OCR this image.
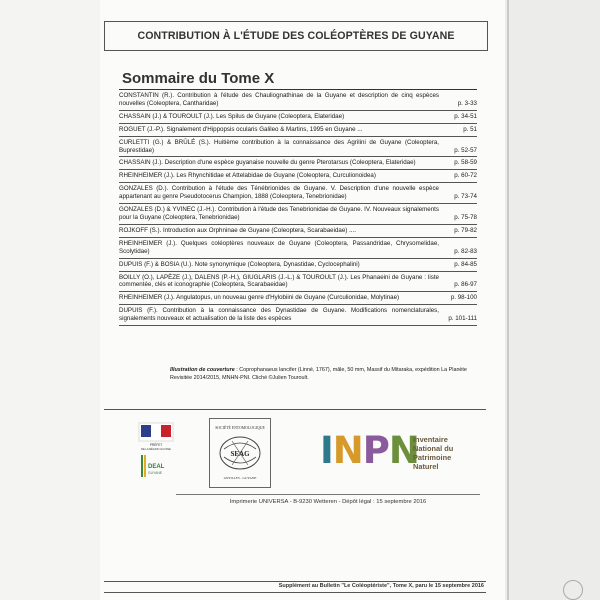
CONTRIBUTION À L'ÉTUDE DES COLÉOPTÈRES DE GUYANE
Sommaire du Tome X
CONSTANTIN (R.). Contribution à l'étude des Chauliognathinae de la Guyane et description de cinq espèces nouvelles (Coleoptera, Cantharidae)	p. 3-33
CHASSAIN (J.) & TOUROULT (J.). Les Spilus de Guyane (Coleoptera, Elateridae)	p. 34-51
ROGUET (J.-P.). Signalement d'Hippopsis ocularis Galileo & Martins, 1995 en Guyane ...	p. 51
CURLETTI (G.) & BRÛLÉ (S.). Huitième contribution à la connaissance des Agrilini de Guyane (Coleoptera, Buprestidae)	p. 52-57
CHASSAIN (J.). Description d'une espèce guyanaise nouvelle du genre Pterotarsus (Coleoptera, Elateridae)	p. 58-59
RHEINHEIMER (J.). Les Rhynchitidae et Attelabidae de Guyane (Coleoptera, Curculionoidea)	p. 60-72
GONZALES (D.). Contribution à l'étude des Ténébrionides de Guyane. V. Description d'une nouvelle espèce appartenant au genre Pseudotocerus Champion, 1888 (Coleoptera, Tenebrionidae)	p. 73-74
GONZALES (D.) & YVINEC (J.-H.). Contribution à l'étude des Tenebrionidae de Guyane. IV. Nouveaux signalements pour la Guyane (Coleoptera, Tenebrionidae)	p. 75-78
ROJKOFF (S.). Introduction aux Orphninae de Guyane (Coleoptera, Scarabaeidae) ....	p. 79-82
RHEINHEIMER (J.). Quelques coléoptères nouveaux de Guyane (Coleoptera, Passandridae, Chrysomelidae, Scolytidae)	p. 82-83
DUPUIS (F.) & BOSIA (U.). Note synonymique (Coleoptera, Dynastidae, Cyclocephalini)	p. 84-85
BOILLY (O.), LAPÈZE (J.), DALENS (P.-H.), GIUGLARIS (J.-L.) & TOUROULT (J.). Les Phanaeini de Guyane : liste commentée, clés et iconographie (Coleoptera, Scarabaeidae)	p. 86-97
RHEINHEIMER (J.). Angulatopus, un nouveau genre d'Hylobiini de Guyane (Curculionidae, Molytinae)	p. 98-100
DUPUIS (F.). Contribution à la connaissance des Dynastidae de Guyane. Modifications nomenclaturales, signalements nouveaux et actualisation de la liste des espèces	p. 101-111
Illustration de couverture : Coprophanaeus lancifer (Linné, 1767), mâle, 50 mm, Massif du Mitaraka, expédition La Planète Revisitée 2014/2015, MNHN-PNI. Cliché ©Julien Touroult.
PRÉFET
DE LA RÉGION GUYANE
DEAL
GUYANE
SOCIÉTÉ ENTOMOLOGIQUE
SEAG
ANTILLES - GUYANE
INPN
Inventaire National du Patrimoine Naturel
Imprimerie UNIVERSA - B-9230 Wetteren - Dépôt légal : 15 septembre 2016
Supplément au Bulletin "Le Coléoptériste", Tome X, paru le 15 septembre 2016
